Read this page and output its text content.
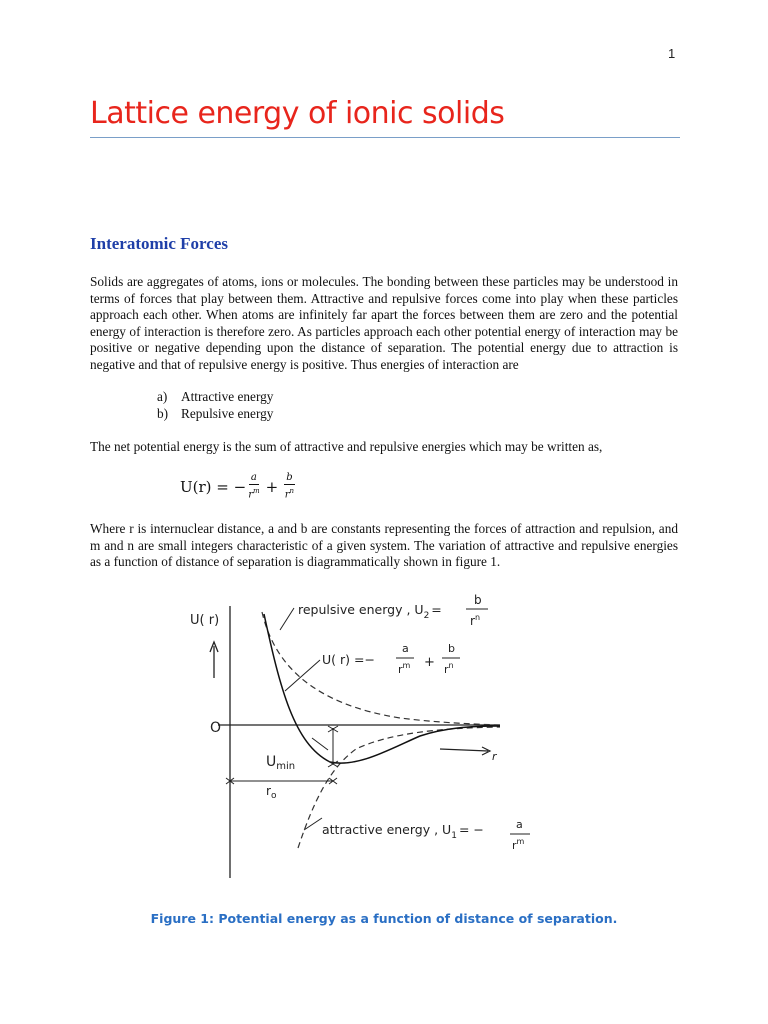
1
Lattice energy of ionic solids
Interatomic Forces

Solids are aggregates of atoms, ions or molecules. The bonding between these particles may be understood in terms of forces that play between them. Attractive and repulsive forces come into play when these particles approach each other. When atoms are infinitely far apart the forces between them are zero and the potential energy of interaction is therefore zero. As particles approach each other potential energy of interaction may be positive or negative depending upon the distance of separation. The potential energy due to attraction is negative and that of repulsive energy is positive. Thus energies of interaction are

a) Attractive energy
b) Repulsive energy

The net potential energy is the sum of attractive and repulsive energies which may be written as,

U(r) = − $\frac{a}{r^m} + \frac{b}{r^n}$

Where r is internuclear distance, a and b are constants representing the forces of attraction and repulsion, and m and n are small integers characteristic of a given system. The variation of attractive and repulsive energies as a function of distance of separation is diagrammatically shown in figure 1.

U( r)
O
r
repulsive energy , $U_2$ =
b
$r^n$
U( r) =−
a
$r^m$ +
b
$r^n$
$U_{min}$
$r_o$
attractive energy , $U_1$ = −	a
$r^m$

Figure 1: Potential energy as a function of distance of separation.
